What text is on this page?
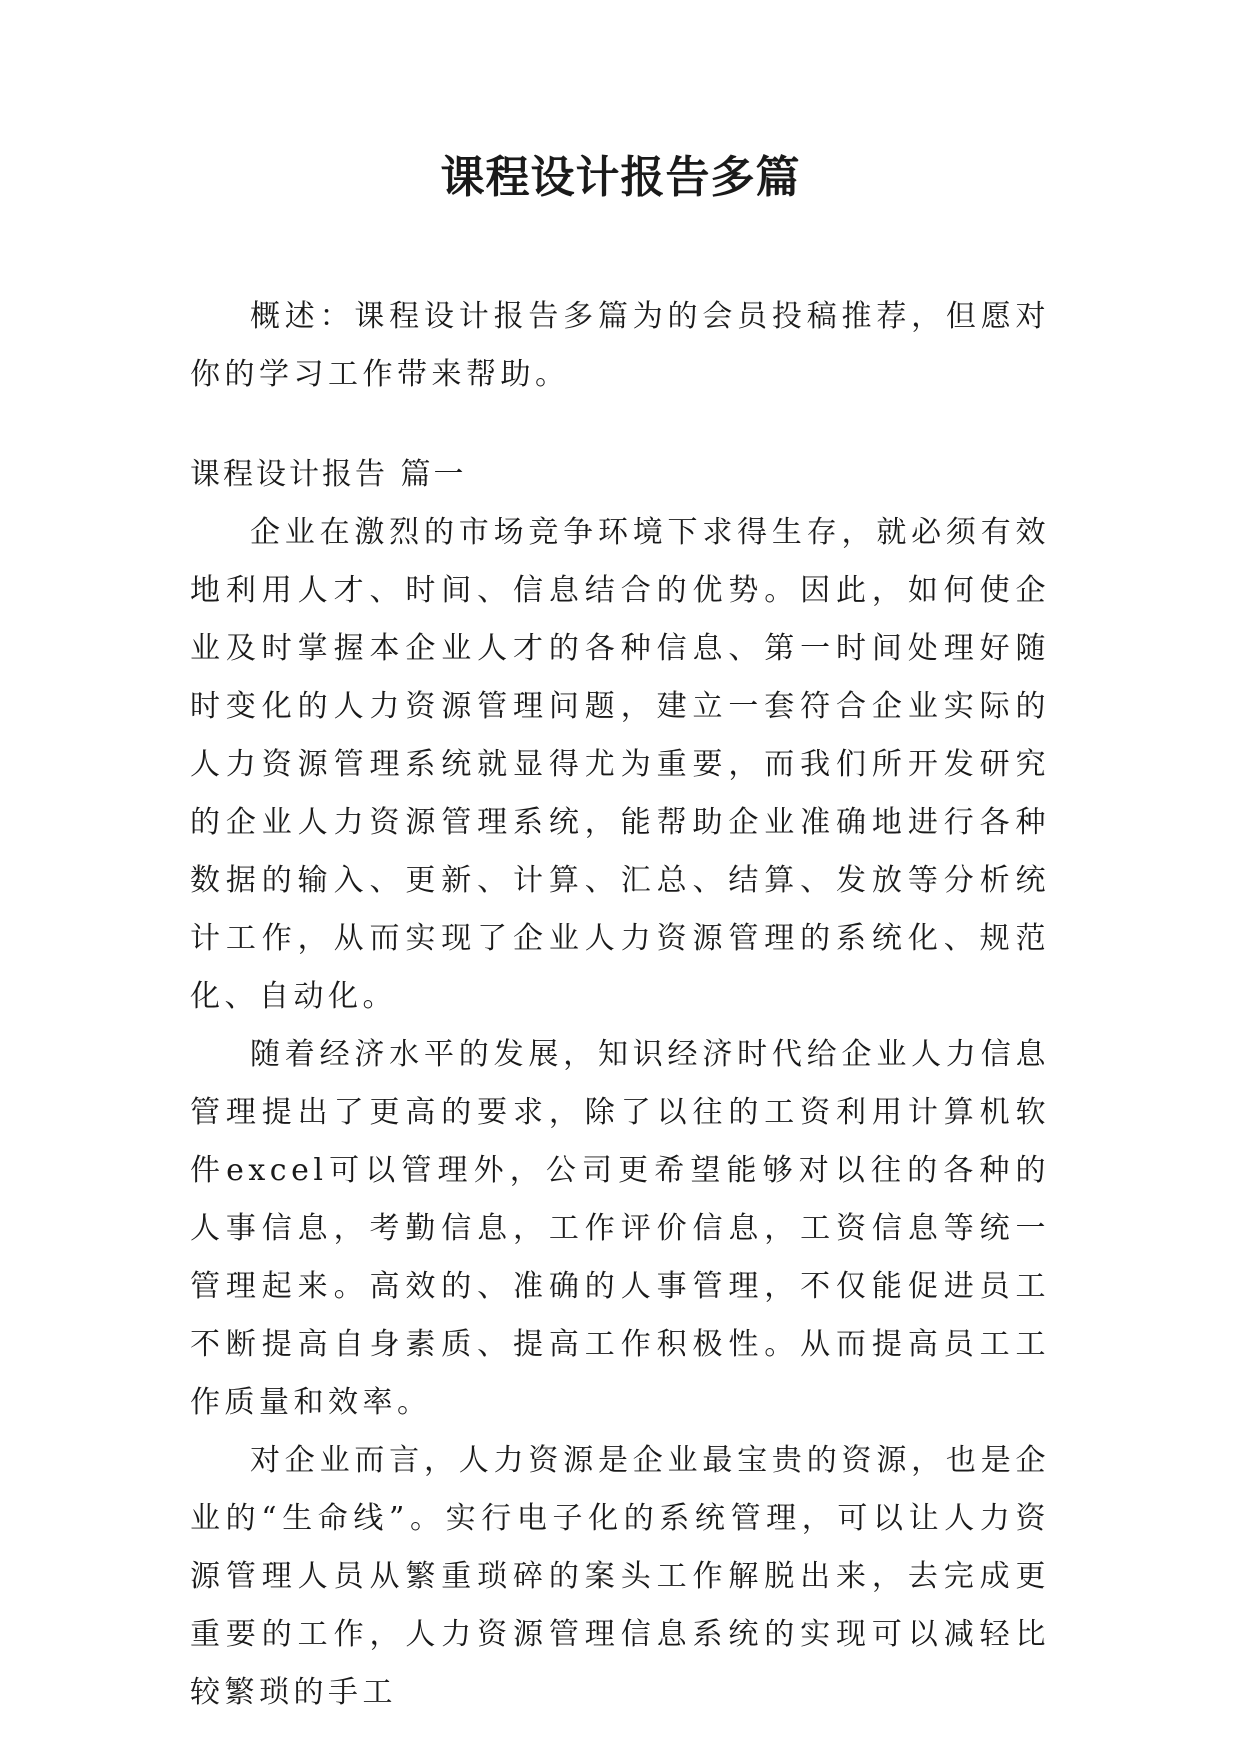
课程设计报告多篇

概述：课程设计报告多篇为的会员投稿推荐，但愿对你的学习工作带来帮助。

课程设计报告 篇一

企业在激烈的市场竞争环境下求得生存，就必须有效地利用人才、时间、信息结合的优势。因此，如何使企业及时掌握本企业人才的各种信息、第一时间处理好随时变化的人力资源管理问题，建立一套符合企业实际的人力资源管理系统就显得尤为重要，而我们所开发研究的企业人力资源管理系统，能帮助企业准确地进行各种数据的输入、更新、计算、汇总、结算、发放等分析统计工作，从而实现了企业人力资源管理的系统化、规范化、自动化。

随着经济水平的发展，知识经济时代给企业人力信息管理提出了更高的要求，除了以往的工资利用计算机软件excel可以管理外，公司更希望能够对以往的各种的人事信息，考勤信息，工作评价信息，工资信息等统一管理起来。高效的、准确的人事管理，不仅能促进员工不断提高自身素质、提高工作积极性。从而提高员工工作质量和效率。

对企业而言，人力资源是企业最宝贵的资源，也是企业的“生命线”。实行电子化的系统管理，可以让人力资源管理人员从繁重琐碎的案头工作解脱出来，去完成更重要的工作，人力资源管理信息系统的实现可以减轻比较繁琐的手工
